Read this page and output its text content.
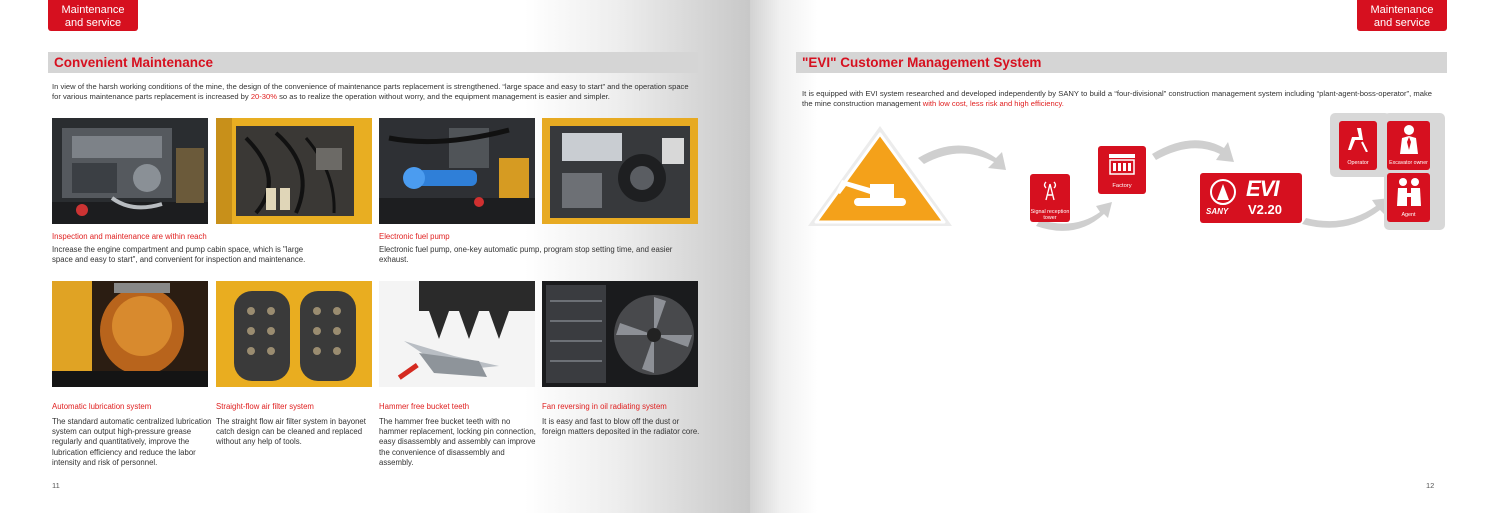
Maintenance
and service
Convenient Maintenance

In view of the harsh working conditions of the mine, the design of the convenience of maintenance parts replacement is strengthened. “large space and easy to start” and the operation space for various maintenance parts replacement is increased by 20-30% so as to realize the operation without worry, and the equipment management is easier and simpler.

Inspection and maintenance are within reach
Increase the engine compartment and pump cabin space, which is "large space and easy to start", and convenient for inspection and maintenance.
Electronic fuel pump
Electronic fuel pump, one-key automatic pump, program stop setting time, and easier exhaust.
Automatic lubrication system
The standard automatic centralized lubrication system can output high-pressure grease regularly and quantitatively, improve the lubrication efficiency and reduce the labor intensity and risk of personnel.
Straight-flow air filter system
The straight flow air filter system in bayonet catch design can be cleaned and replaced without any help of tools.
Hammer free bucket teeth
The hammer free bucket teeth with no hammer replacement, locking pin connection, easy disassembly and assembly can improve the convenience of disassembly and assembly.
Fan reversing in oil radiating system
It is easy and fast to blow off the dust or foreign matters deposited in the radiator core.
11
Maintenance
and service
"EVI" Customer Management System

It is equipped with EVI system researched and developed independently by SANY to build a “four-divisional” construction management system including “plant-agent-boss-operator”, make the mine construction management with low cost, less risk and high efficiency.

Signal reception tower
Factory
SANY
EVI
V2.20
Operator	Excavator owner
Agent
12
